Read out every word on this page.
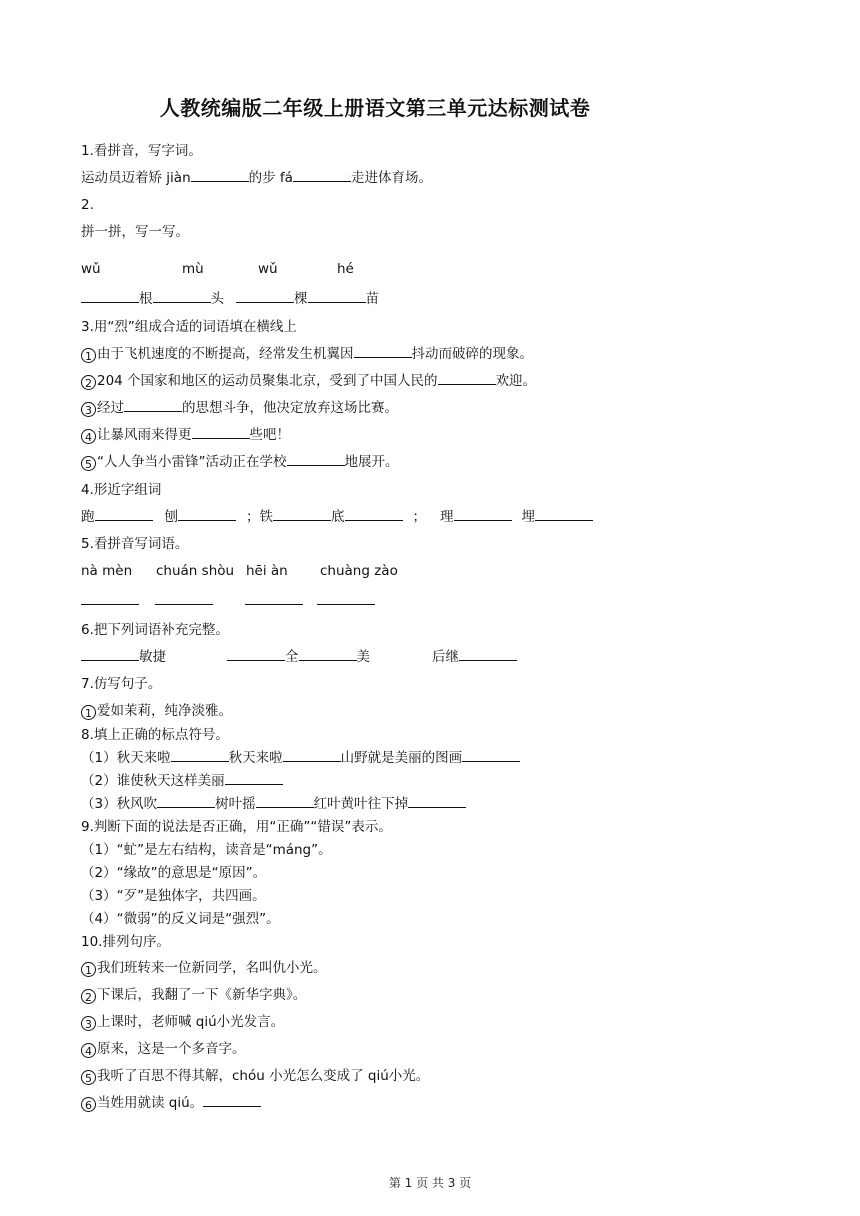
人教统编版二年级上册语文第三单元达标测试卷
1.看拼音，写字词。
运动员迈着矫 jiàn	的步 fá	走进体育场。
2.
拼一拼，写一写。
wǔ	mù	wǔ	hé
根	头	棵	苗
3.用“烈”组成合适的词语填在横线上
1 由于飞机速度的不断提高，经常发生机翼因	抖动而破碎的现象。
2 204 个国家和地区的运动员聚集北京，受到了中国人民的	欢迎。
3 经过	的思想斗争，他决定放弃这场比赛。
4 让暴风雨来得更	些吧！
5 “人人争当小雷锋”活动正在学校	地展开。
4.形近字组词
跑	刨	；铁	底	； 理	埋
5.看拼音写词语。
nà mèn chuán shòu hēi àn chuàng zào
6.把下列词语补充完整。
敏捷	全	美	后继
7.仿写句子。
1 爱如茉莉，纯净淡雅。
8.填上正确的标点符号。
（1）秋天来啦	秋天来啦	山野就是美丽的图画
（2）谁使秋天这样美丽
（3）秋风吹	树叶摇	红叶黄叶往下掉
9.判断下面的说法是否正确，用“正确”“错误”表示。
（1）“虻”是左右结构，读音是“máng”。
（2）“缘故”的意思是“原因”。
（3）“歹”是独体字，共四画。
（4）“微弱”的反义词是“强烈”。
10.排列句序。
1 我们班转来一位新同学，名叫仇小光。
2 下课后，我翻了一下《新华字典》。
3 上课时，老师喊 qiú小光发言。
4 原来，这是一个多音字。
5 我听了百思不得其解，chóu 小光怎么变成了 qiú小光。
6 当姓用就读 qiú。
第 1 页 共 3 页
